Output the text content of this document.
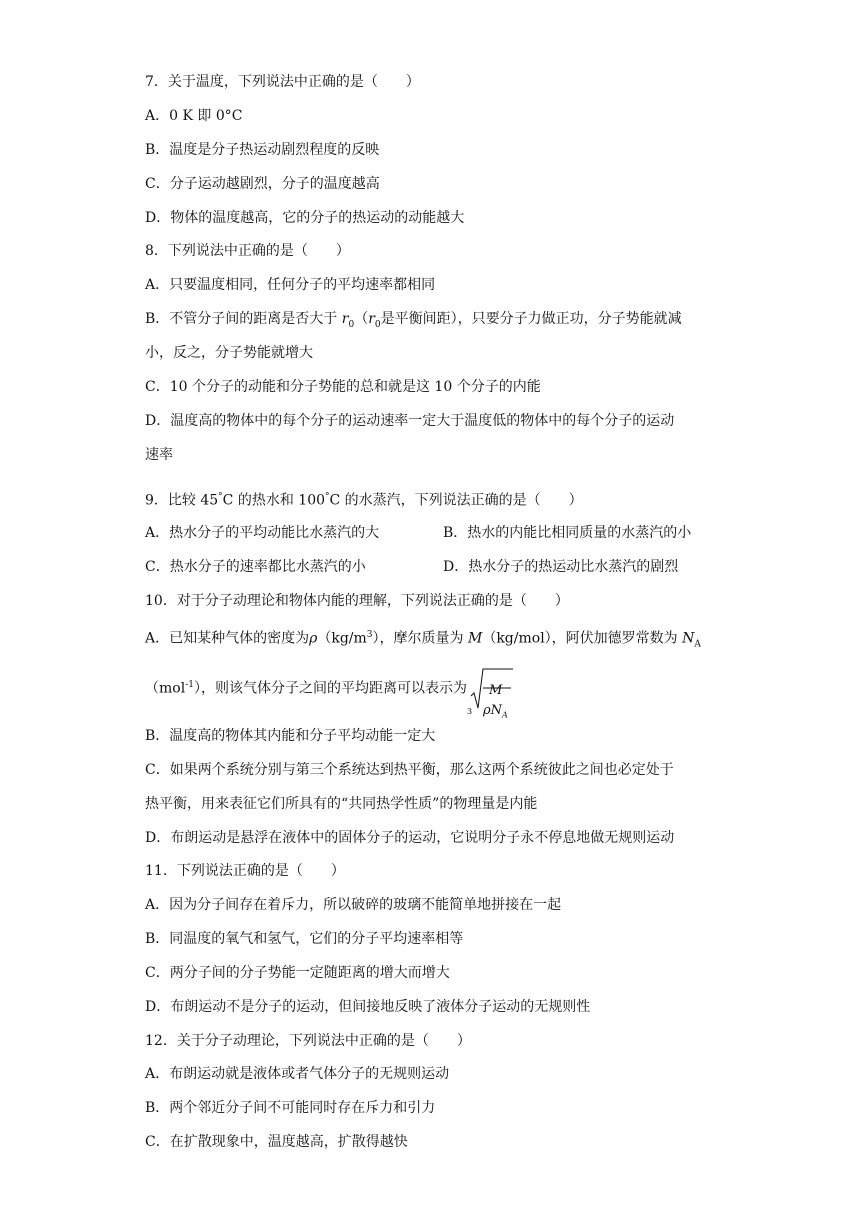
7．关于温度，下列说法中正确的是（　　）
A．0 K 即 0°C
B．温度是分子热运动剧烈程度的反映
C．分子运动越剧烈，分子的温度越高
D．物体的温度越高，它的分子的热运动的动能越大
8．下列说法中正确的是（　　）
A．只要温度相同，任何分子的平均速率都相同
B．不管分子间的距离是否大于 $r_0(r_0$是平衡间距），只要分子力做正功，分子势能就减
小，反之，分子势能就增大
C．10 个分子的动能和分子势能的总和就是这 10 个分子的内能
D．温度高的物体中的每个分子的运动速率一定大于温度低的物体中的每个分子的运动
速率
9．比较 45°C 的热水和 100°C 的水蒸汽，下列说法正确的是（　　）
A．热水分子的平均动能比水蒸汽的大	B．热水的内能比相同质量的水蒸汽的小
C．热水分子的速率都比水蒸汽的小	D．热水分子的热运动比水蒸汽的剧烈
10．对于分子动理论和物体内能的理解，下列说法正确的是（　　）
A．已知某种气体的密度为$\rho(kg/m^3)$，摩尔质量为 M（kg/mol），阿伏加德罗常数为 $N_A$
（mol$^{-1}$），则该气体分子之间的平均距离可以表示为
3
M
$\rho N_A$
B．温度高的物体其内能和分子平均动能一定大
C．如果两个系统分别与第三个系统达到热平衡，那么这两个系统彼此之间也必定处于
热平衡，用来表征它们所具有的“共同热学性质”的物理量是内能
D．布朗运动是悬浮在液体中的固体分子的运动，它说明分子永不停息地做无规则运动
11．下列说法正确的是（　　）
A．因为分子间存在着斥力，所以破碎的玻璃不能简单地拼接在一起
B．同温度的氧气和氢气，它们的分子平均速率相等
C．两分子间的分子势能一定随距离的增大而增大
D．布朗运动不是分子的运动，但间接地反映了液体分子运动的无规则性
12．关于分子动理论，下列说法中正确的是（　　）
A．布朗运动就是液体或者气体分子的无规则运动
B．两个邻近分子间不可能同时存在斥力和引力
C．在扩散现象中，温度越高，扩散得越快
